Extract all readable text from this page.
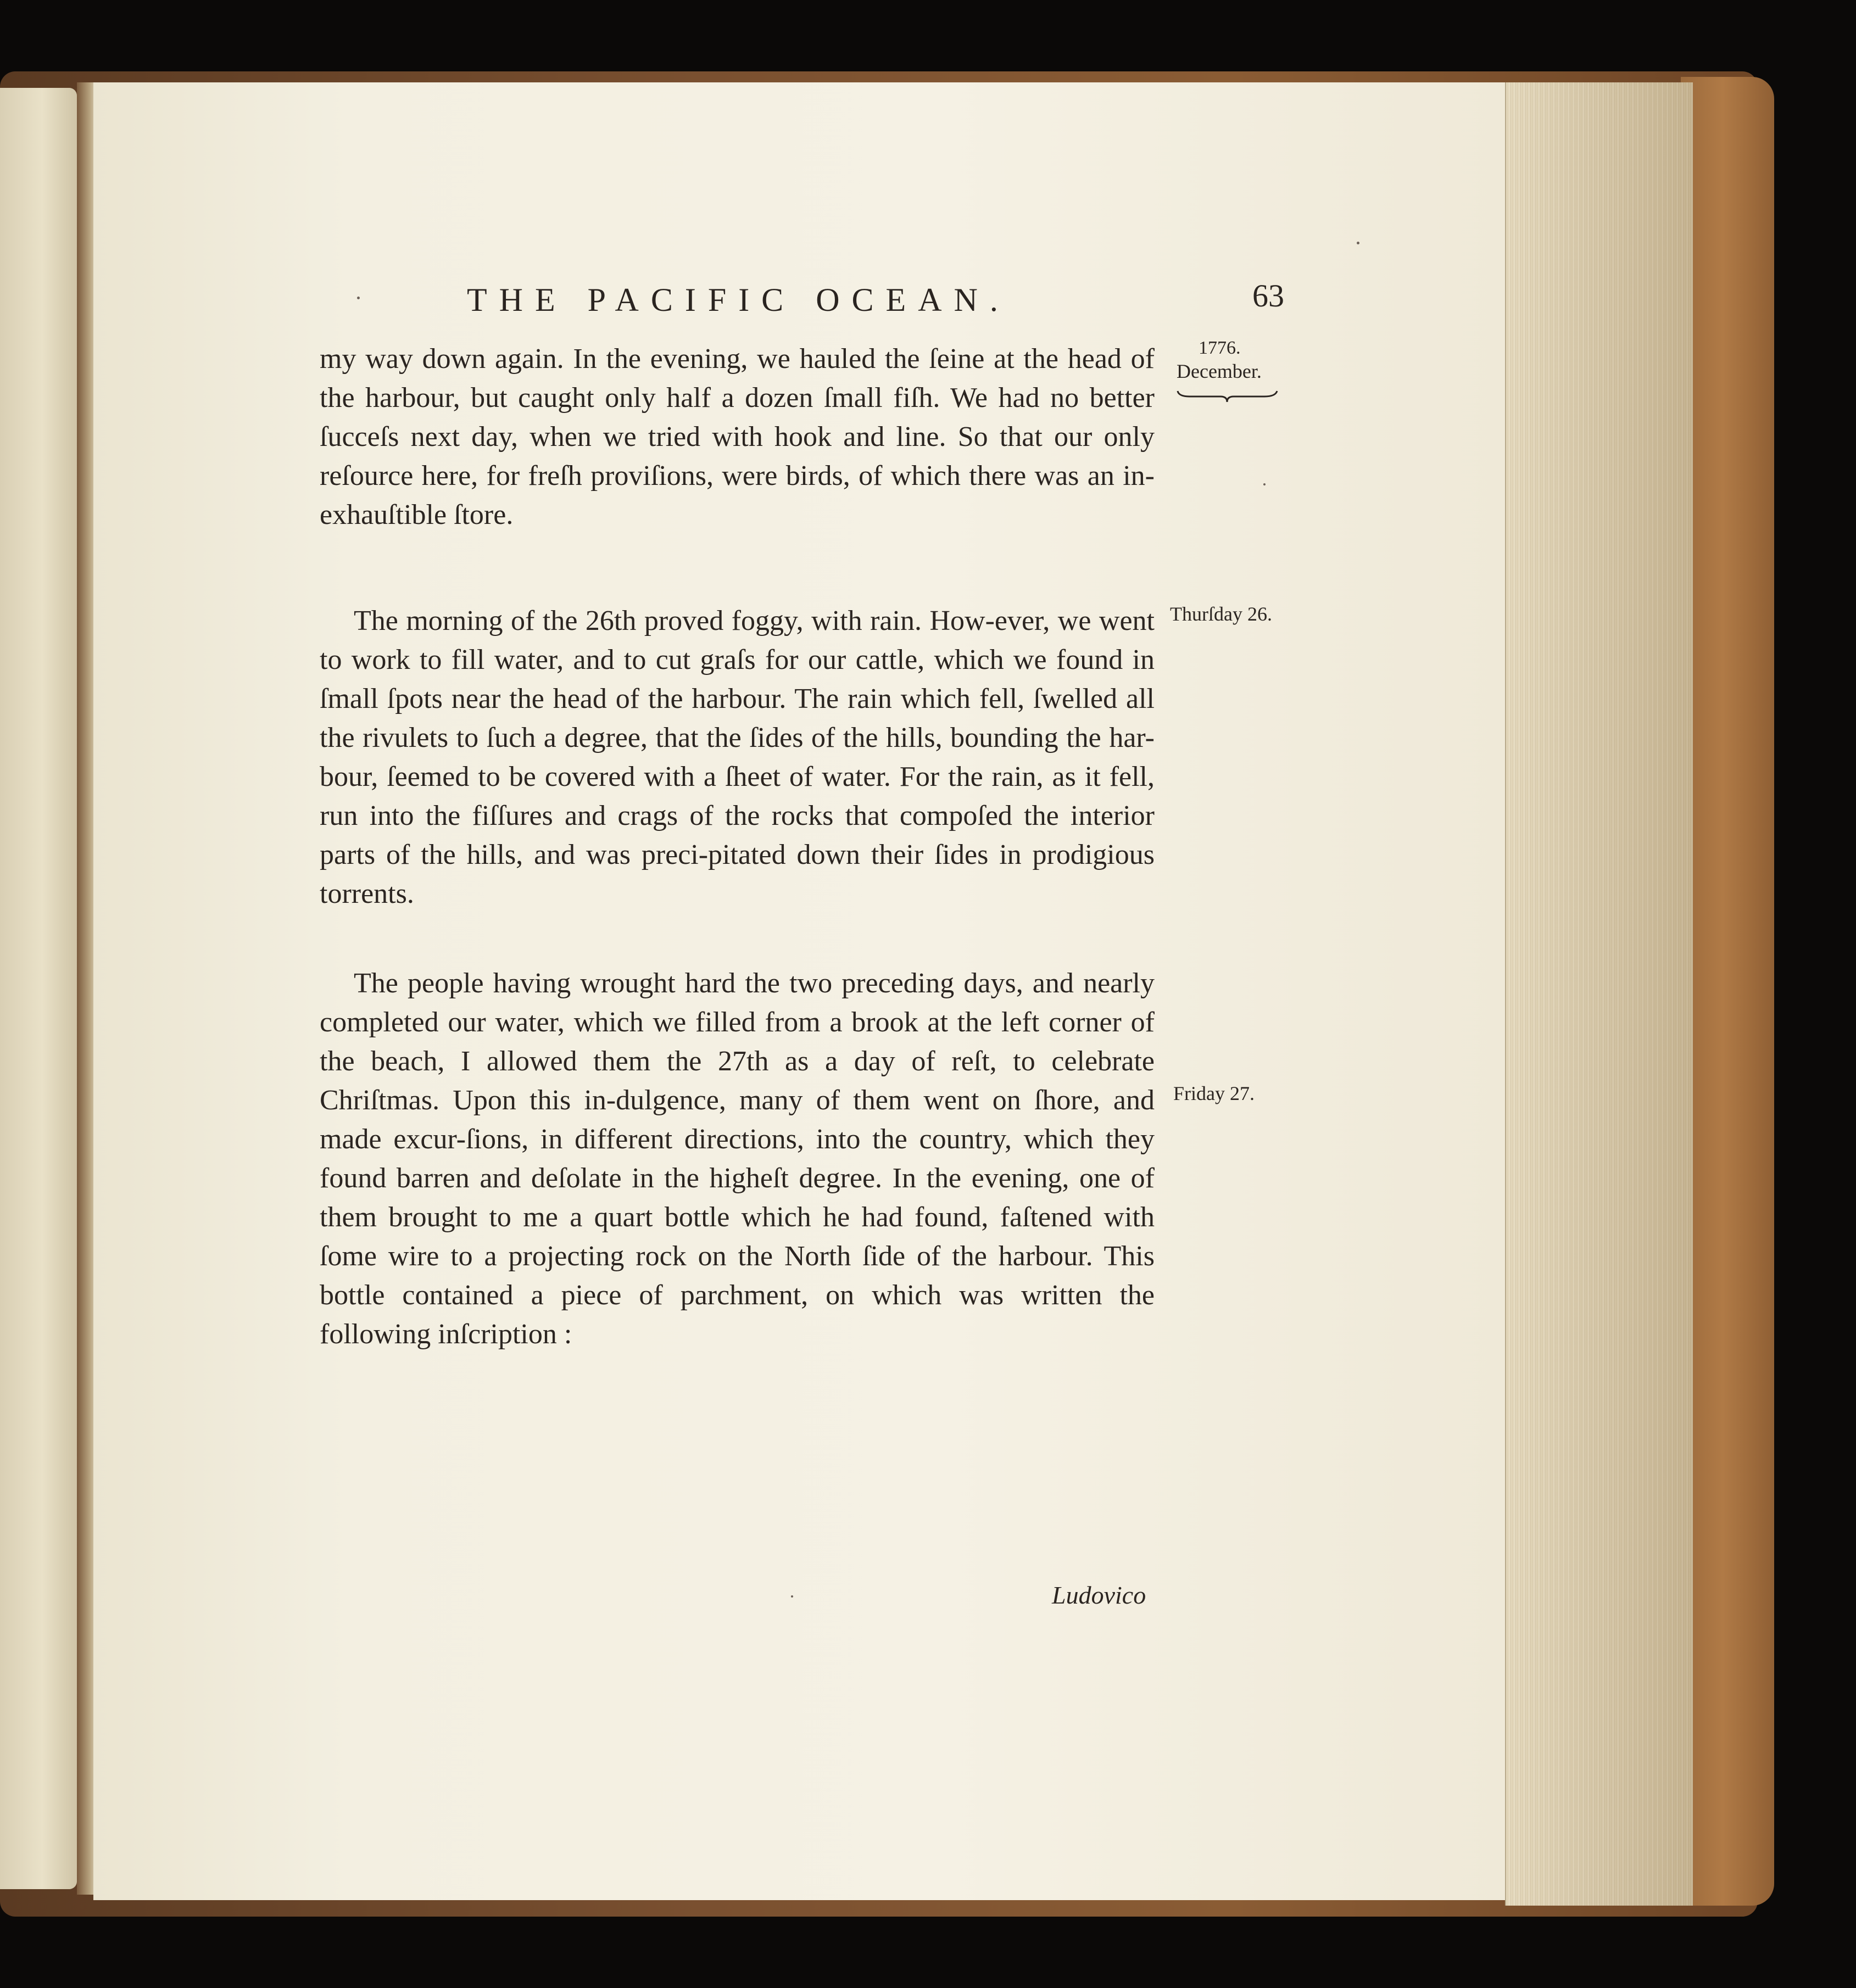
THE PACIFIC OCEAN.	63
1776.
December.
Thurſday 26.
Friday 27.

my way down again. In the evening, we hauled the ſeine at the head of the harbour, but caught only half a dozen ſmall fiſh. We had no better ſucceſs next day, when we tried with hook and line. So that our only reſource here, for freſh proviſions, were birds, of which there was an in-exhauſtible ſtore.

The morning of the 26th proved foggy, with rain. How-ever, we went to work to fill water, and to cut graſs for our cattle, which we found in ſmall ſpots near the head of the harbour. The rain which fell, ſwelled all the rivulets to ſuch a degree, that the ſides of the hills, bounding the har-bour, ſeemed to be covered with a ſheet of water. For the rain, as it fell, run into the fiſſures and crags of the rocks that compoſed the interior parts of the hills, and was preci-pitated down their ſides in prodigious torrents.

The people having wrought hard the two preceding days, and nearly completed our water, which we filled from a brook at the left corner of the beach, I allowed them the 27th as a day of reſt, to celebrate Chriſtmas. Upon this in-dulgence, many of them went on ſhore, and made excur-ſions, in different directions, into the country, which they found barren and deſolate in the higheſt degree. In the evening, one of them brought to me a quart bottle which he had found, faſtened with ſome wire to a projecting rock on the North ſide of the harbour. This bottle contained a piece of parchment, on which was written the following inſcription :

Ludovico
